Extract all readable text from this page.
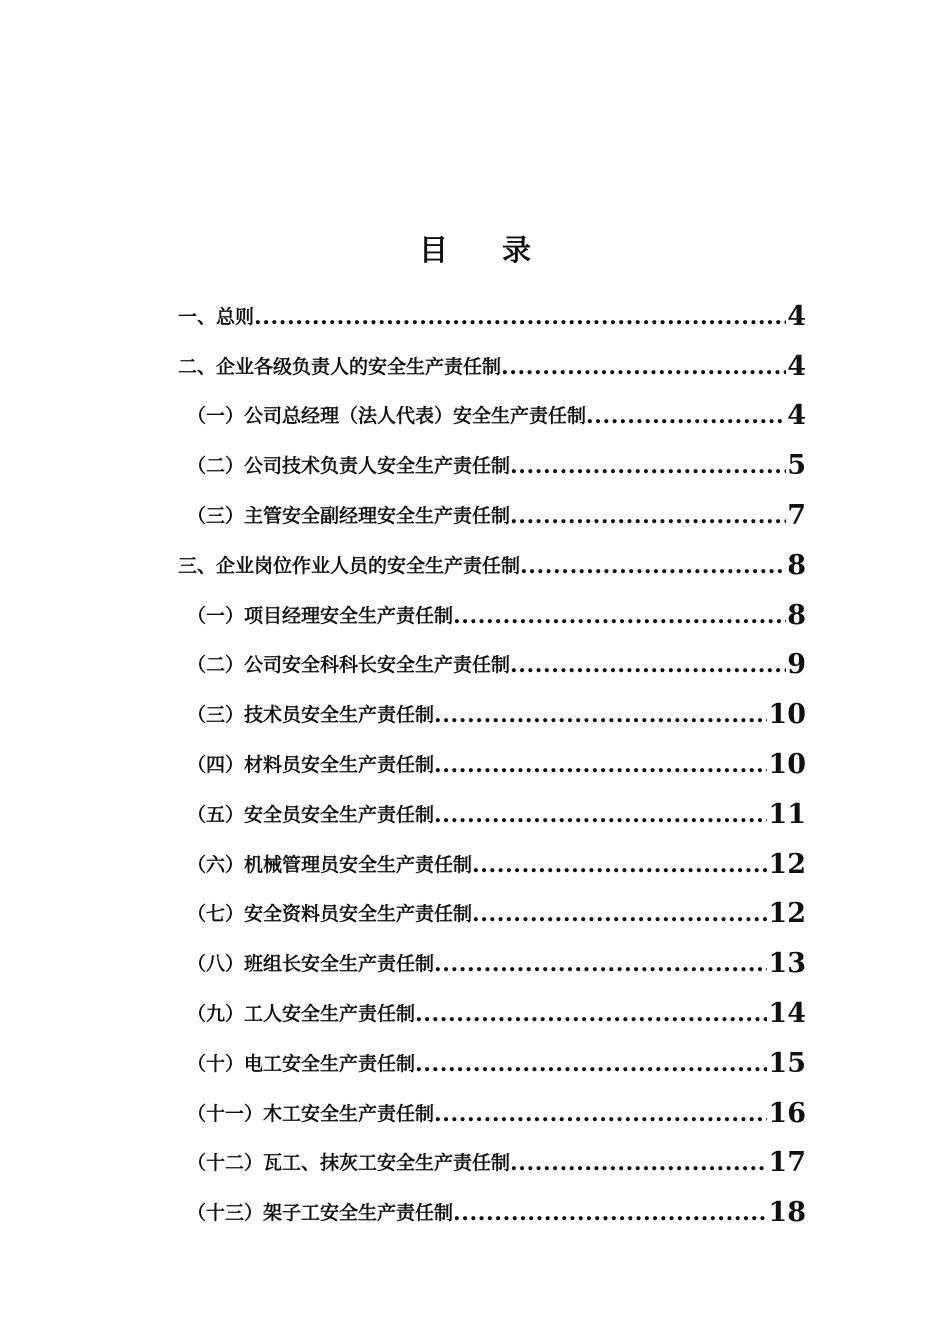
目 录
一、总则 .....	4
二、企业各级负责人的安全生产责任制 .....	4
（一）公司总经理（法人代表）安全生产责任制 .....	4
（二）公司技术负责人安全生产责任制 .....	5
（三）主管安全副经理安全生产责任制 .....	7
三、企业岗位作业人员的安全生产责任制 .....	8
（一）项目经理安全生产责任制 .....	8
（二）公司安全科科长安全生产责任制 .....	9
（三）技术员安全生产责任制 .....	10
（四）材料员安全生产责任制 .....	10
（五）安全员安全生产责任制 .....	11
（六）机械管理员安全生产责任制 .....	12
（七）安全资料员安全生产责任制 .....	12
（八）班组长安全生产责任制 .....	13
（九）工人安全生产责任制 .....	14
（十）电工安全生产责任制 .....	15
（十一）木工安全生产责任制 .....	16
（十二）瓦工、抹灰工安全生产责任制 .....	17
（十三）架子工安全生产责任制 .....	18
